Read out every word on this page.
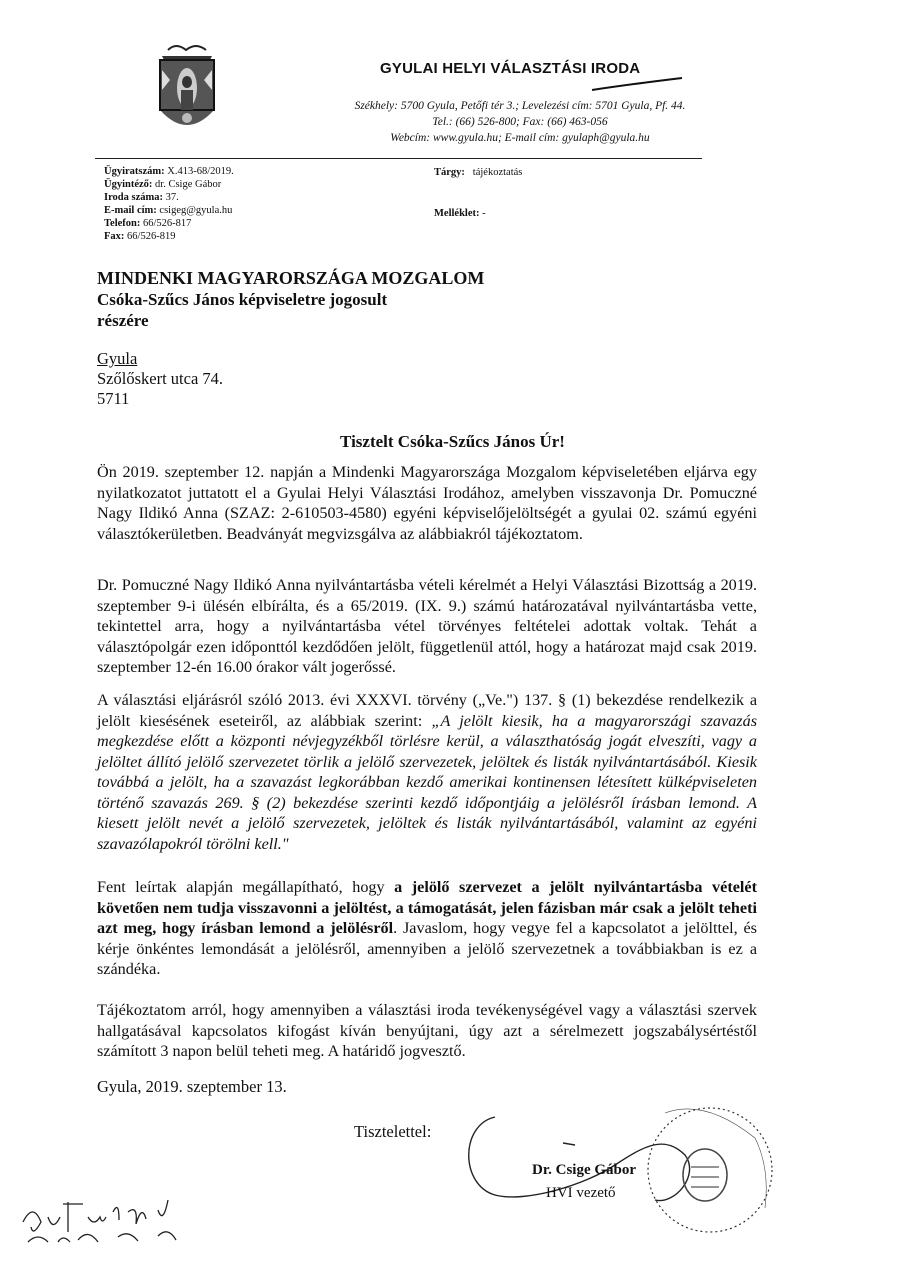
GYULAI HELYI VÁLASZTÁSI IRODA
Székhely: 5700 Gyula, Petőfi tér 3.; Levelezési cím: 5701 Gyula, Pf. 44.
Tel.: (66) 526-800; Fax: (66) 463-056
Webcím: www.gyula.hu; E-mail cím: gyulaph@gyula.hu
Ügyiratszám: X.413-68/2019.
Ügyintéző: dr. Csige Gábor
Iroda száma: 37.
E-mail cím: csigeg@gyula.hu
Telefon: 66/526-817
Fax: 66/526-819
Tárgy: tájékoztatás
Melléklet: -
MINDENKI MAGYARORSZÁGA MOZGALOM
Csóka-Szűcs János képviseletre jogosult
részére
Gyula
Szőlőskert utca 74.
5711
Tisztelt Csóka-Szűcs János Úr!
Ön 2019. szeptember 12. napján a Mindenki Magyarországa Mozgalom képviseletében eljárva egy nyilatkozatot juttatott el a Gyulai Helyi Választási Irodához, amelyben visszavonja Dr. Pomuczné Nagy Ildikó Anna (SZAZ: 2-610503-4580) egyéni képviselőjelöltségét a gyulai 02. számú egyéni választókerületben. Beadványát megvizsgálva az alábbiakról tájékoztatom.
Dr. Pomuczné Nagy Ildikó Anna nyilvántartásba vételi kérelmét a Helyi Választási Bizottság a 2019. szeptember 9-i ülésén elbírálta, és a 65/2019. (IX. 9.) számú határozatával nyilvántartásba vette, tekintettel arra, hogy a nyilvántartásba vétel törvényes feltételei adottak voltak. Tehát a választópolgár ezen időponttól kezdődően jelölt, függetlenül attól, hogy a határozat majd csak 2019. szeptember 12-én 16.00 órakor vált jogerőssé.
A választási eljárásról szóló 2013. évi XXXVI. törvény („Ve.") 137. § (1) bekezdése rendelkezik a jelölt kiesésének eseteiről, az alábbiak szerint: „A jelölt kiesik, ha a magyarországi szavazás megkezdése előtt a központi névjegyzékből törlésre kerül, a választhatóság jogát elveszíti, vagy a jelöltet állító jelölő szervezetet törlik a jelölő szervezetek, jelöltek és listák nyilvántartásából. Kiesik továbbá a jelölt, ha a szavazást legkorábban kezdő amerikai kontinensen létesített külképviseleten történő szavazás 269. § (2) bekezdése szerinti kezdő időpontjáig a jelölésről írásban lemond. A kiesett jelölt nevét a jelölő szervezetek, jelöltek és listák nyilvántartásából, valamint az egyéni szavazólapokról törölni kell."
Fent leírtak alapján megállapítható, hogy a jelölő szervezet a jelölt nyilvántartásba vételét követően nem tudja visszavonni a jelöltést, a támogatását, jelen fázisban már csak a jelölt teheti azt meg, hogy írásban lemond a jelölésről. Javaslom, hogy vegye fel a kapcsolatot a jelölttel, és kérje önkéntes lemondását a jelölésről, amennyiben a jelölő szervezetnek a továbbiakban is ez a szándéka.
Tájékoztatom arról, hogy amennyiben a választási iroda tevékenységével vagy a választási szervek hallgatásával kapcsolatos kifogást kíván benyújtani, úgy azt a sérelmezett jogszabálysértéstől számított 3 napon belül teheti meg. A határidő jogvesztő.
Gyula, 2019. szeptember 13.
Tisztelettel:
Dr. Csige Gábor
HVI vezető
